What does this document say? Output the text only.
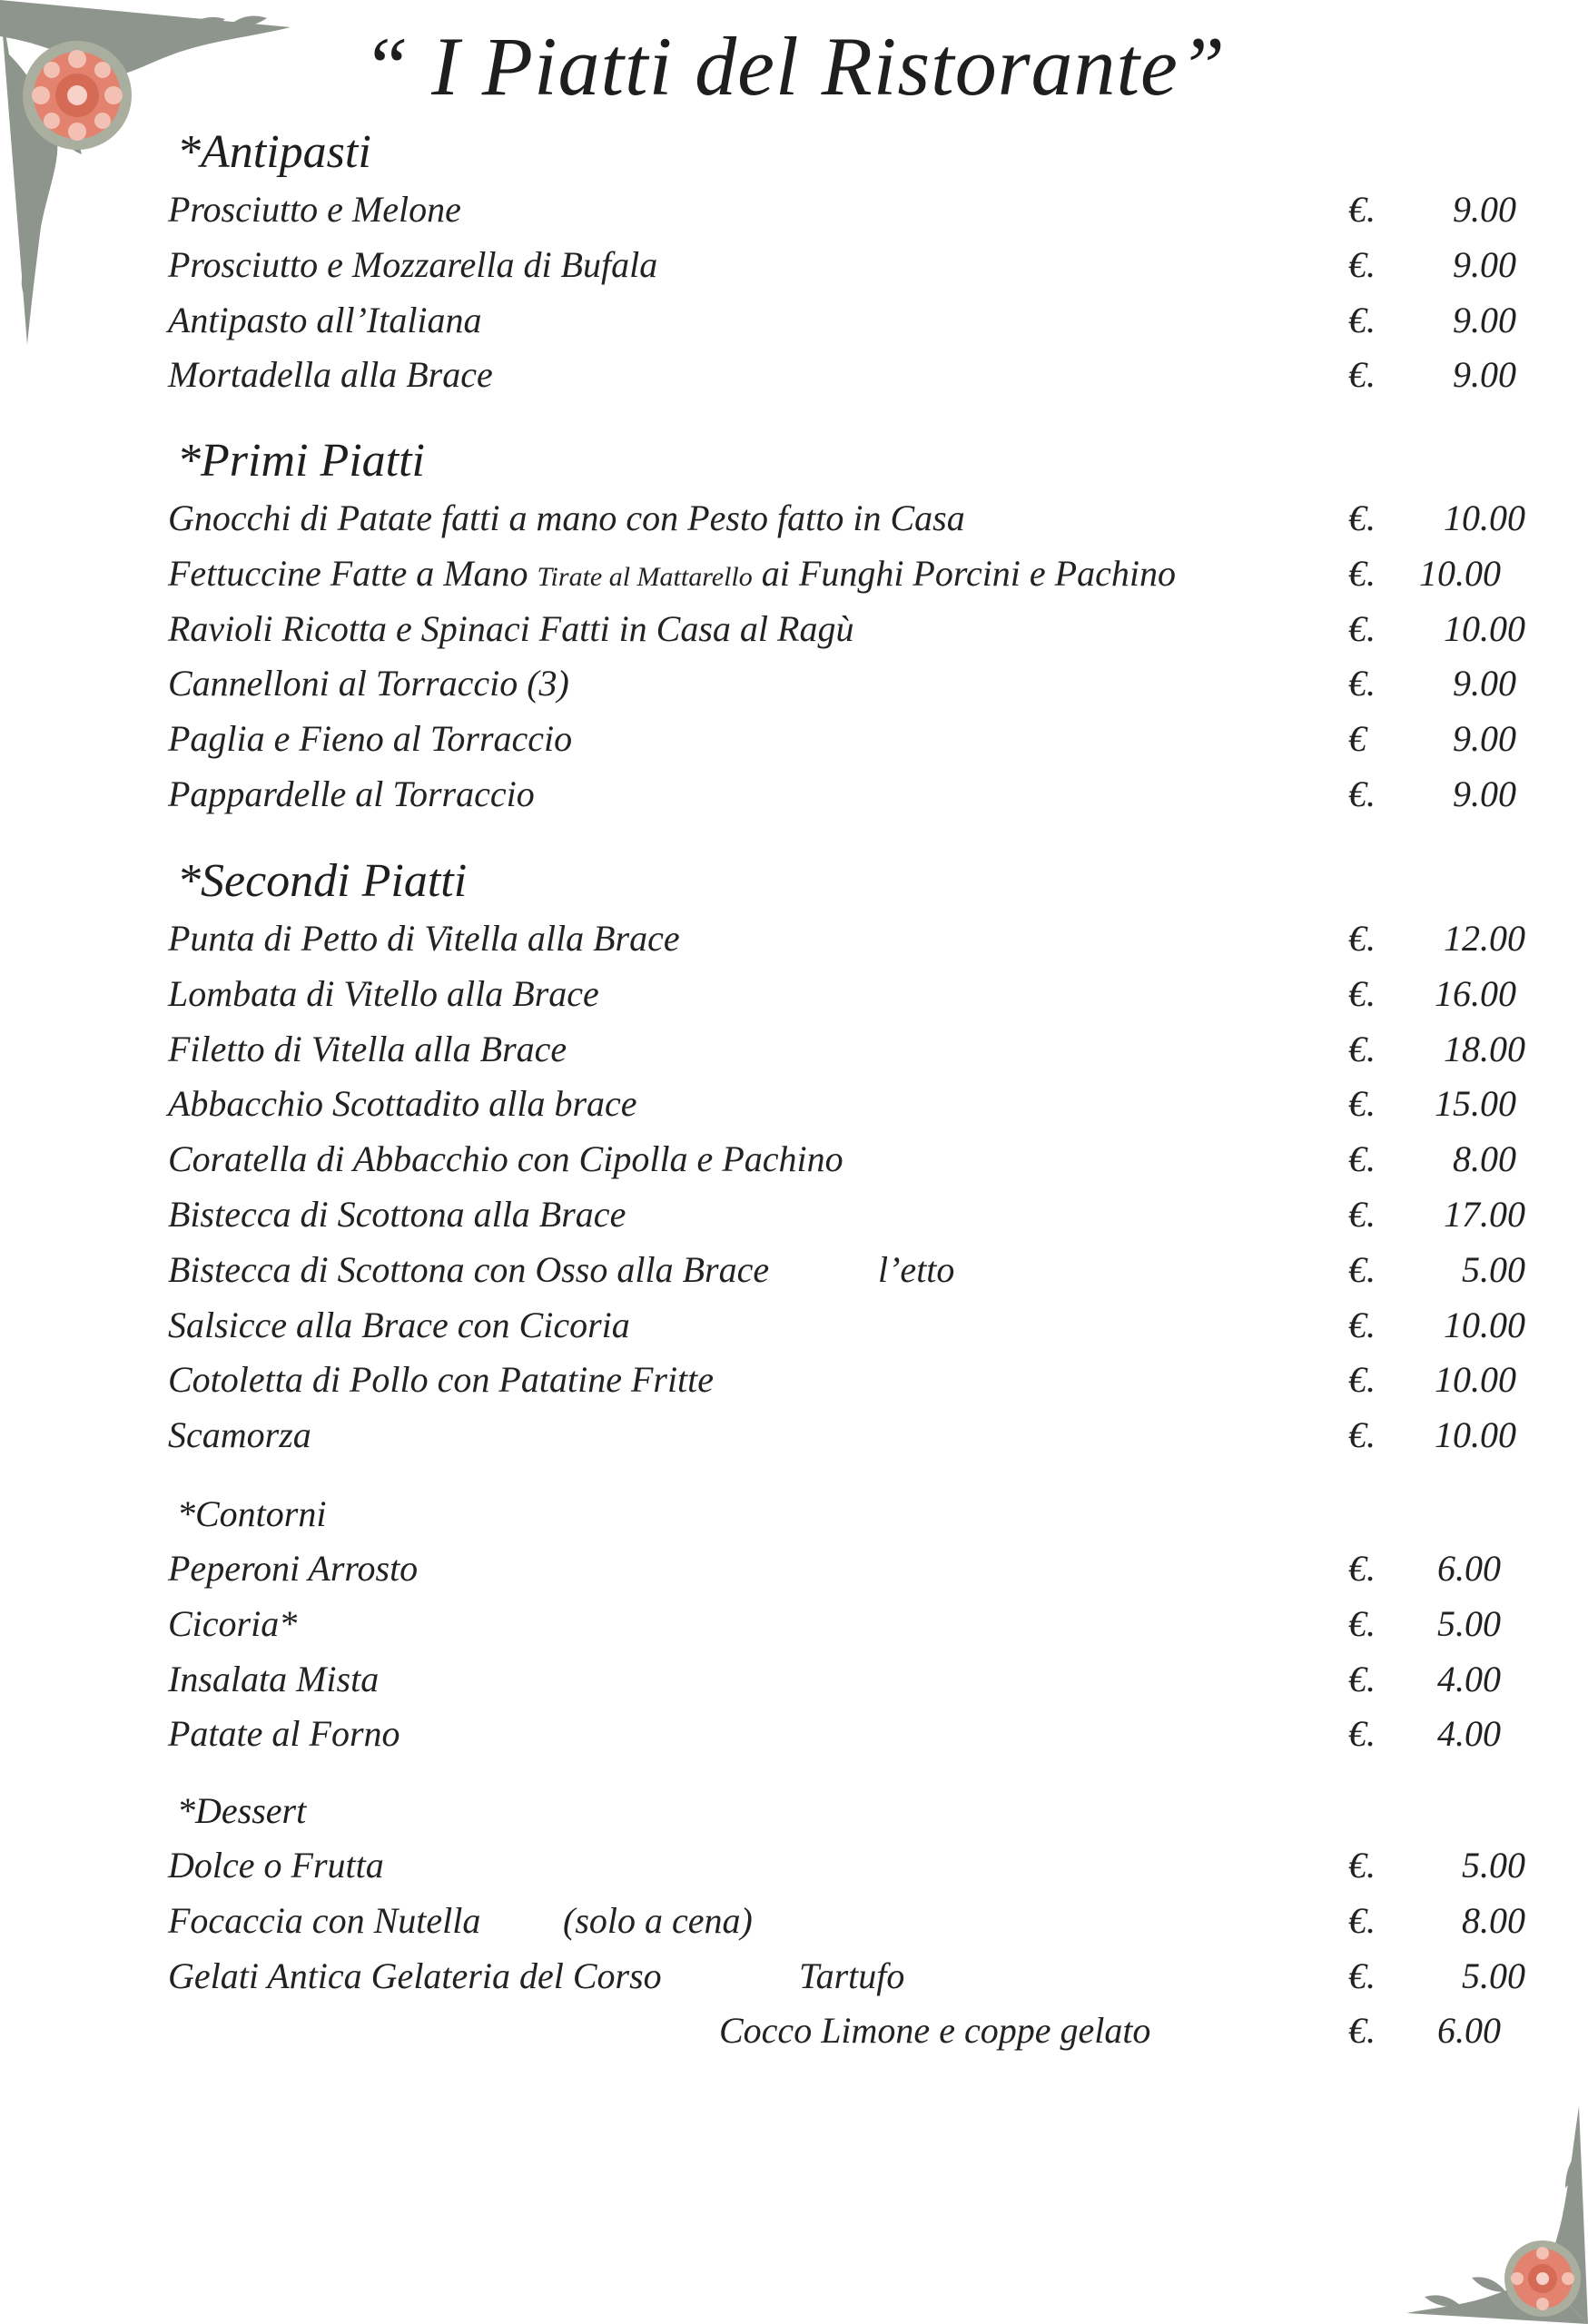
“ I Piatti del Ristorante”
*Antipasti
Prosciutto e Melone	€.	9.00
Prosciutto e Mozzarella di Bufala	€.	9.00
Antipasto all’Italiana	€.	9.00
Mortadella alla Brace	€.	9.00
*Primi Piatti
Gnocchi di Patate fatti a mano con Pesto fatto in Casa	€.	10.00
Fettuccine Fatte a Mano Tirate al Mattarello ai Funghi Porcini e Pachino	€.	10.00
Ravioli Ricotta e Spinaci Fatti in Casa al Ragù	€.	10.00
Cannelloni al Torraccio (3)	€.	9.00
Paglia e Fieno al Torraccio	€	9.00
Pappardelle al Torraccio	€.	9.00
*Secondi Piatti
Punta di Petto di Vitella alla Brace	€.	12.00
Lombata di Vitello alla Brace	€.	16.00
Filetto di Vitella alla Brace	€.	18.00
Abbacchio Scottadito alla brace	€.	15.00
Coratella di Abbacchio con Cipolla e Pachino	€.	8.00
Bistecca di Scottona alla Brace	€.	17.00
Bistecca di Scottona con Osso alla Brace	l’etto	€.	5.00
Salsicce alla Brace con Cicoria	€.	10.00
Cotoletta di Pollo con Patatine Fritte	€.	10.00
Scamorza	€.	10.00
*Contorni
Peperoni Arrosto	€.	6.00
Cicoria*	€.	5.00
Insalata Mista	€.	4.00
Patate al Forno	€.	4.00
*Dessert
Dolce o Frutta	€.	5.00
Focaccia con Nutella (solo a cena)	€.	8.00
Gelati Antica Gelateria del Corso	Tartufo	€.	5.00
Cocco Limone e coppe gelato	€.	6.00
